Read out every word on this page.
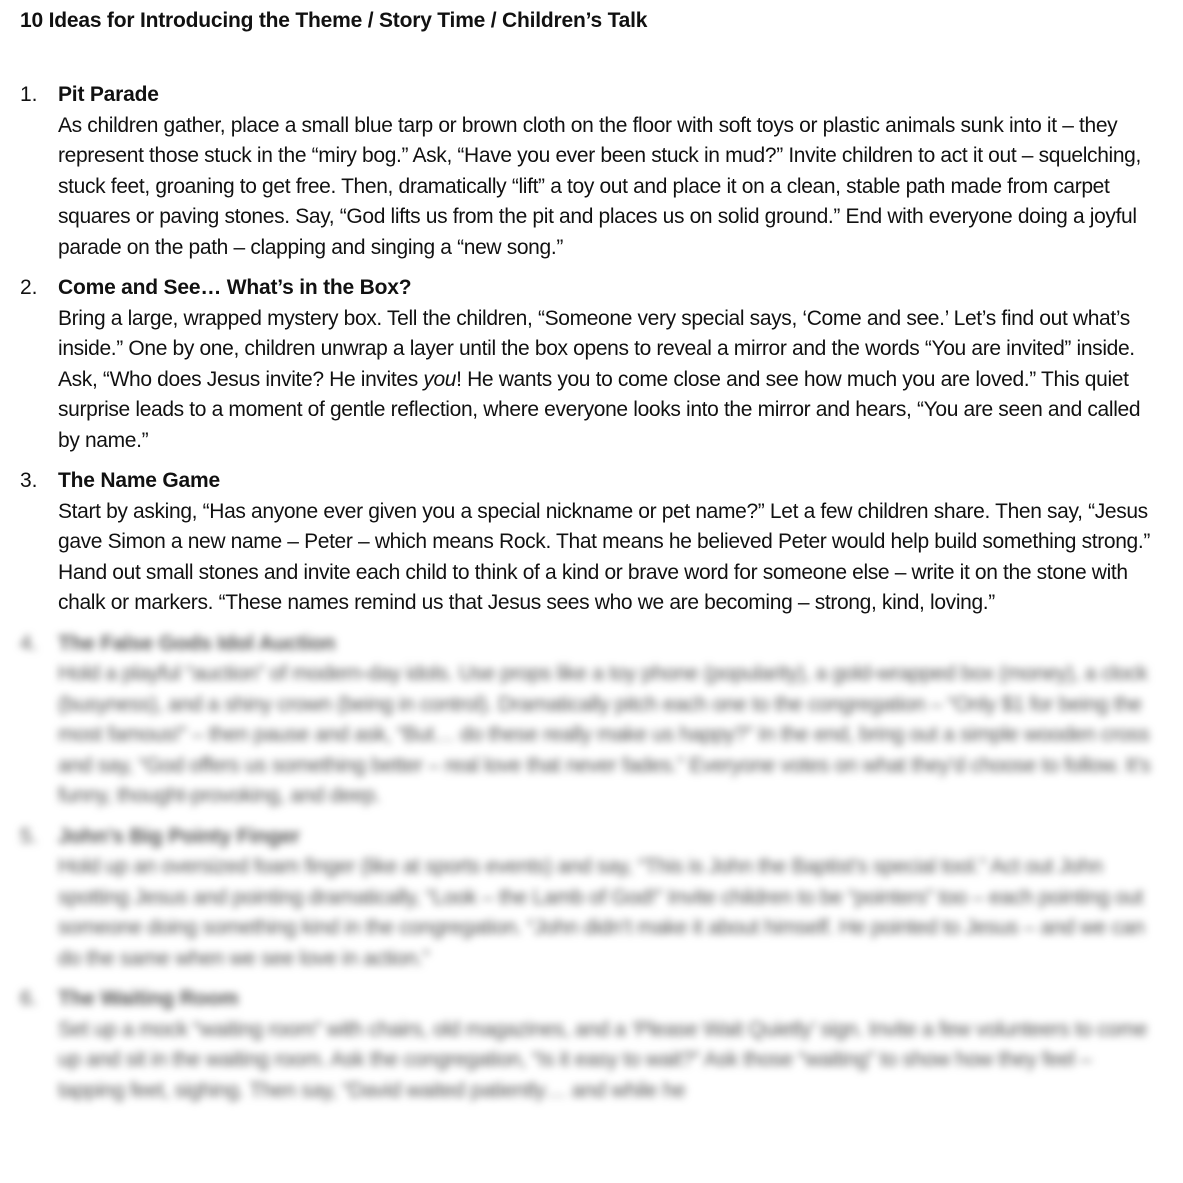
10 Ideas for Introducing the Theme / Story Time / Children’s Talk
1. Pit Parade
As children gather, place a small blue tarp or brown cloth on the floor with soft toys or plastic animals sunk into it – they represent those stuck in the “miry bog.” Ask, “Have you ever been stuck in mud?” Invite children to act it out – squelching, stuck feet, groaning to get free. Then, dramatically “lift” a toy out and place it on a clean, stable path made from carpet squares or paving stones. Say, “God lifts us from the pit and places us on solid ground.” End with everyone doing a joyful parade on the path – clapping and singing a “new song.”
2. Come and See… What’s in the Box?
Bring a large, wrapped mystery box. Tell the children, “Someone very special says, ‘Come and see.’ Let’s find out what’s inside.” One by one, children unwrap a layer until the box opens to reveal a mirror and the words “You are invited” inside. Ask, “Who does Jesus invite? He invites you! He wants you to come close and see how much you are loved.” This quiet surprise leads to a moment of gentle reflection, where everyone looks into the mirror and hears, “You are seen and called by name.”
3. The Name Game
Start by asking, “Has anyone ever given you a special nickname or pet name?” Let a few children share. Then say, “Jesus gave Simon a new name – Peter – which means Rock. That means he believed Peter would help build something strong.” Hand out small stones and invite each child to think of a kind or brave word for someone else – write it on the stone with chalk or markers. “These names remind us that Jesus sees who we are becoming – strong, kind, loving.”
4. The False Gods Idol Auction
Hold a playful “auction” of modern-day idols. Use props like a toy phone (popularity), a gold-wrapped box (money), a clock (busyness), and a shiny crown (being in control). Dramatically pitch each one to the congregation – “Only $1 for being the most famous!” – then pause and ask, “But… do these really make us happy?” In the end, bring out a simple wooden cross and say, “God offers us something better – real love that never fades.” Everyone votes on what they’d choose to follow. It’s funny, thought-provoking, and deep.
5. John’s Big Pointy Finger
Hold up an oversized foam finger (like at sports events) and say, “This is John the Baptist’s special tool.” Act out John spotting Jesus and pointing dramatically, “Look – the Lamb of God!” Invite children to be “pointers” too – each pointing out someone doing something kind in the congregation. “John didn’t make it about himself. He pointed to Jesus – and we can do the same when we see love in action.”
6. The Waiting Room
Set up a mock “waiting room” with chairs, old magazines, and a ‘Please Wait Quietly’ sign. Invite a few volunteers to come up and sit in the waiting room. Ask the congregation, “Is it easy to wait?” Ask those “waiting” to show how they feel – tapping feet, sighing. Then say, “David waited patiently… and while he
